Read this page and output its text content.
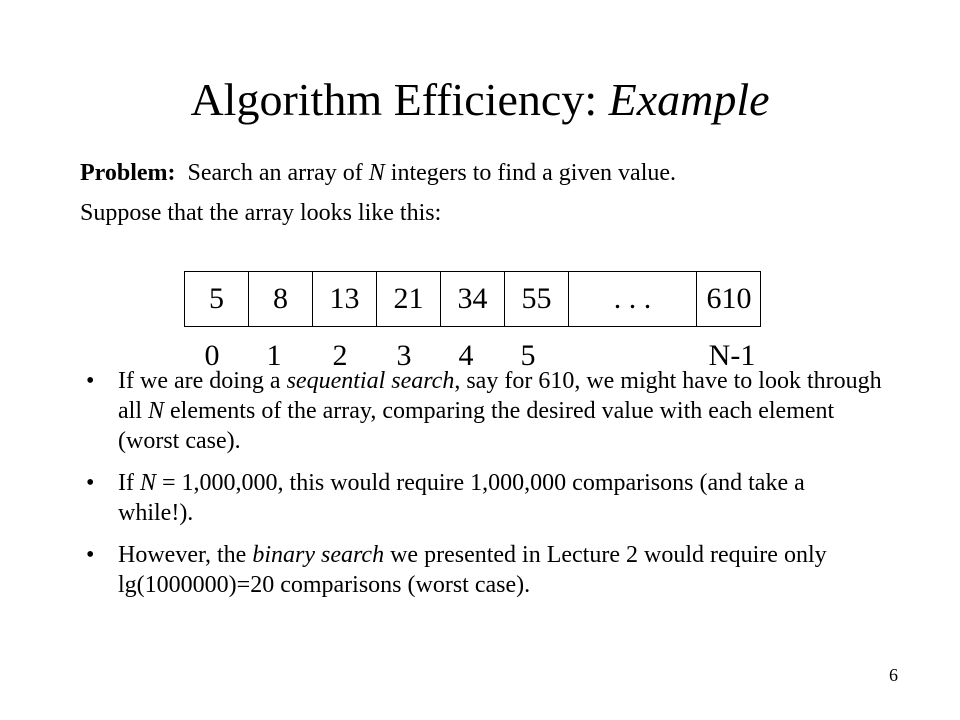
Algorithm Efficiency: Example
Problem:  Search an array of N integers to find a given value.
Suppose that the array looks like this:
5	8	13	21	34	55	. . .	610
0	1	2	3	4	5	N-1
• If we are doing a sequential search, say for 610, we might have to look through all N elements of the array, comparing the desired value with each element (worst case).
• If N = 1,000,000, this would require 1,000,000 comparisons (and take a while!).
• However, the binary search we presented in Lecture 2 would require only lg(1000000)=20 comparisons (worst case).
6
